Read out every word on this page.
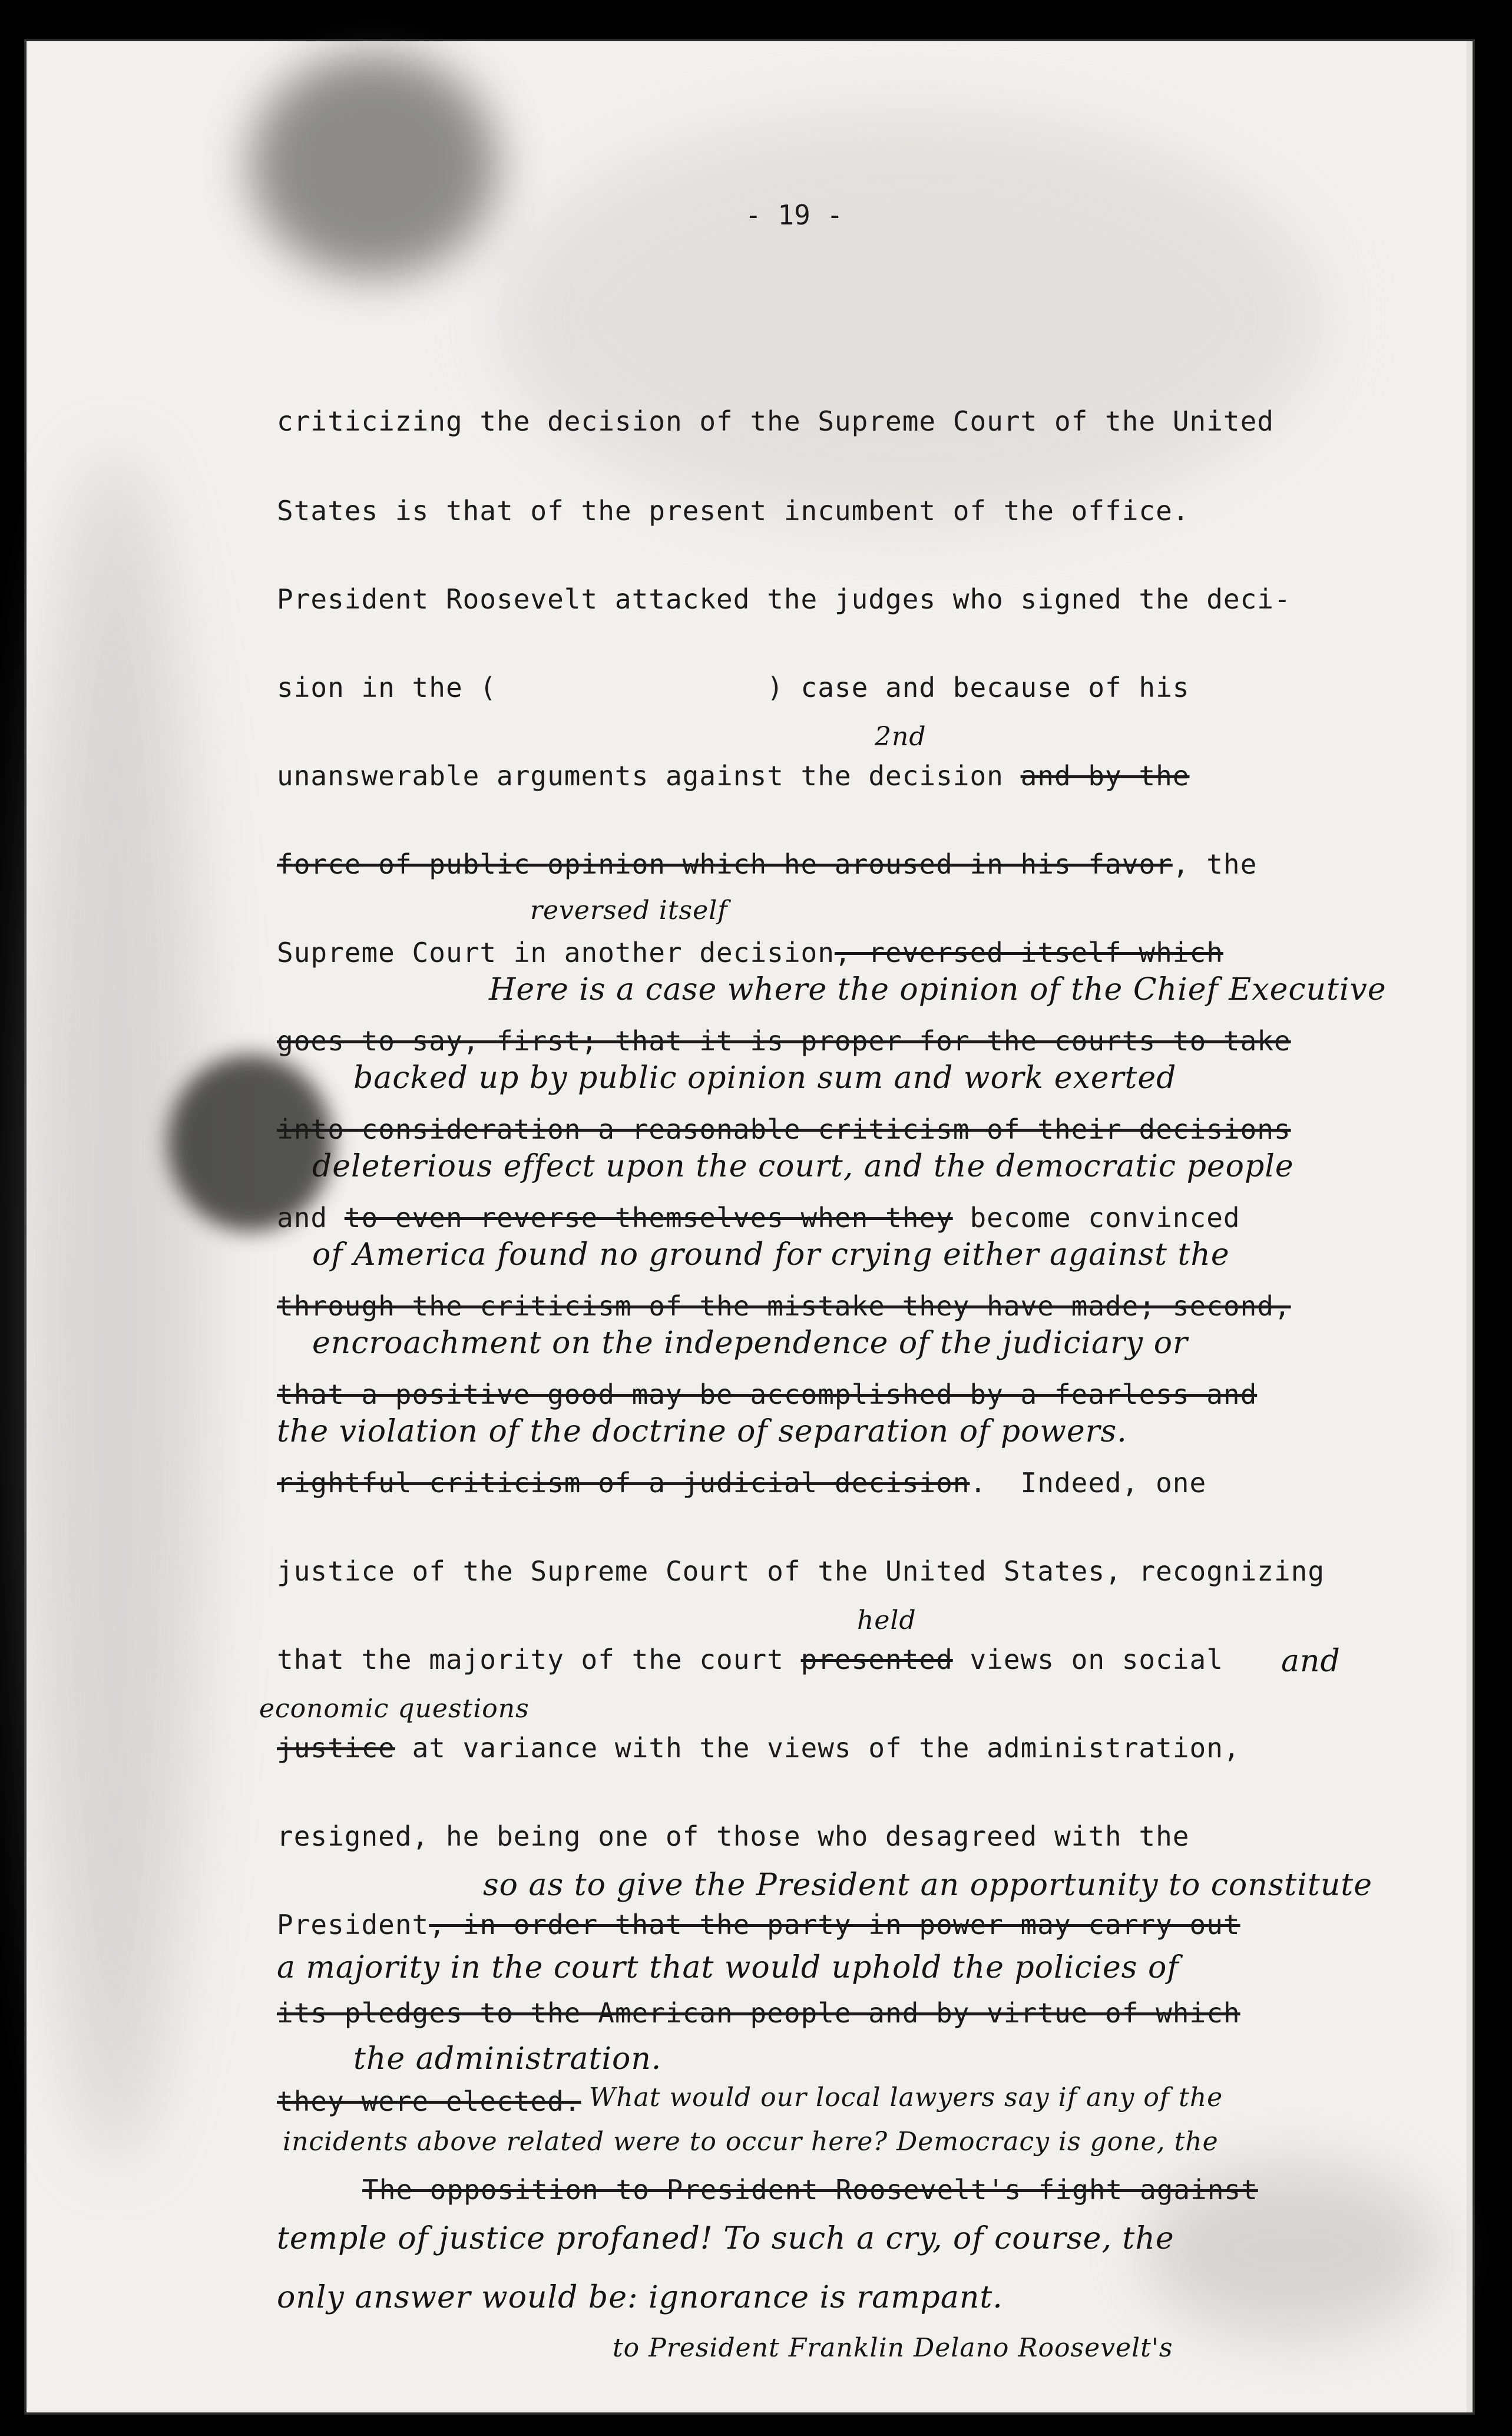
- 19 -
criticizing the decision of the Supreme Court of the United
States is that of the present incumbent of the office.
President Roosevelt attacked the judges who signed the deci-
sion in the (                ) case and because of his
unanswerable arguments against the decision and by the
force of public opinion which he aroused in his favor, the
Supreme Court in another decision, reversed itself which
goes to say, first; that it is proper for the courts to take
into consideration a reasonable criticism of their decisions
and to even reverse themselves when they become convinced
through the criticism of the mistake they have made; second,
that a positive good may be accomplished by a fearless and
rightful criticism of a judicial decision.  Indeed, one
justice of the Supreme Court of the United States, recognizing
that the majority of the court presented views on social
justice at variance with the views of the administration,
resigned, he being one of those who desagreed with the
President, in order that the party in power may carry out
its pledges to the American people and by virtue of which
they were elected.
The opposition to President Roosevelt's fight against
2nd
reversed itself
Here is a case where the opinion of the Chief Executive
backed up by public opinion sum and work exerted
deleterious effect upon the court, and the democratic people
of America found no ground for crying either against the
encroachment on the independence of the judiciary or
the violation of the doctrine of separation of powers.
held
and
economic questions
so as to give the President an opportunity to constitute
a majority in the court that would uphold the policies of
the administration.
What would our local lawyers say if any of the
incidents above related were to occur here? Democracy is gone, the
temple of justice profaned! To such a cry, of course, the
only answer would be: ignorance is rampant.
to President Franklin Delano Roosevelt's
